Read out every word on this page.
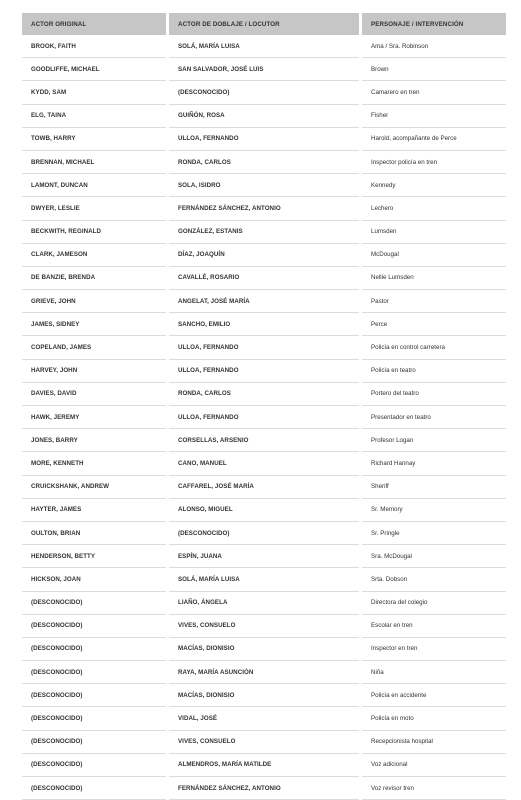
ACTOR ORIGINAL	ACTOR DE DOBLAJE / LOCUTOR	PERSONAJE / INTERVENCIÓN
BROOK, FAITH	SOLÁ, MARÍA LUISA	Ama / Sra. Robinson
GOODLIFFE, MICHAEL	SAN SALVADOR, JOSÉ LUIS	Brown
KYDD, SAM	(DESCONOCIDO)	Camarero en tren
ELG, TAINA	GUIÑÓN, ROSA	Fisher
TOWB, HARRY	ULLOA, FERNANDO	Harold, acompañante de Perce
BRENNAN, MICHAEL	RONDA, CARLOS	Inspector policía en tren
LAMONT, DUNCAN	SOLA, ISIDRO	Kennedy
DWYER, LESLIE	FERNÁNDEZ SÁNCHEZ, ANTONIO	Lechero
BECKWITH, REGINALD	GONZÁLEZ, ESTANIS	Lumsden
CLARK, JAMESON	DÍAZ, JOAQUÍN	McDougal
DE BANZIE, BRENDA	CAVALLÉ, ROSARIO	Nellie Lumsden
GRIEVE, JOHN	ANGELAT, JOSÉ MARÍA	Pastor
JAMES, SIDNEY	SANCHO, EMILIO	Perce
COPELAND, JAMES	ULLOA, FERNANDO	Policía en control carretera
HARVEY, JOHN	ULLOA, FERNANDO	Policía en teatro
DAVIES, DAVID	RONDA, CARLOS	Portero del teatro
HAWK, JEREMY	ULLOA, FERNANDO	Presentador en teatro
JONES, BARRY	CORSELLAS, ARSENIO	Profesor Logan
MORE, KENNETH	CANO, MANUEL	Richard Hannay
CRUICKSHANK, ANDREW	CAFFAREL, JOSÉ MARÍA	Sheriff
HAYTER, JAMES	ALONSO, MIGUEL	Sr. Memory
OULTON, BRIAN	(DESCONOCIDO)	Sr. Pringle
HENDERSON, BETTY	ESPÍN, JUANA	Sra. McDougal
HICKSON, JOAN	SOLÁ, MARÍA LUISA	Srta. Dobson
(DESCONOCIDO)	LIAÑO, ÁNGELA	Directora del colegio
(DESCONOCIDO)	VIVES, CONSUELO	Escolar en tren
(DESCONOCIDO)	MACÍAS, DIONISIO	Inspector en tren
(DESCONOCIDO)	RAYA, MARÍA ASUNCIÓN	Niña
(DESCONOCIDO)	MACÍAS, DIONISIO	Policía en accidente
(DESCONOCIDO)	VIDAL, JOSÉ	Policía en moto
(DESCONOCIDO)	VIVES, CONSUELO	Recepcionista hospital
(DESCONOCIDO)	ALMENDROS, MARÍA MATILDE	Voz adicional
(DESCONOCIDO)	FERNÁNDEZ SÁNCHEZ, ANTONIO	Voz revisor tren
